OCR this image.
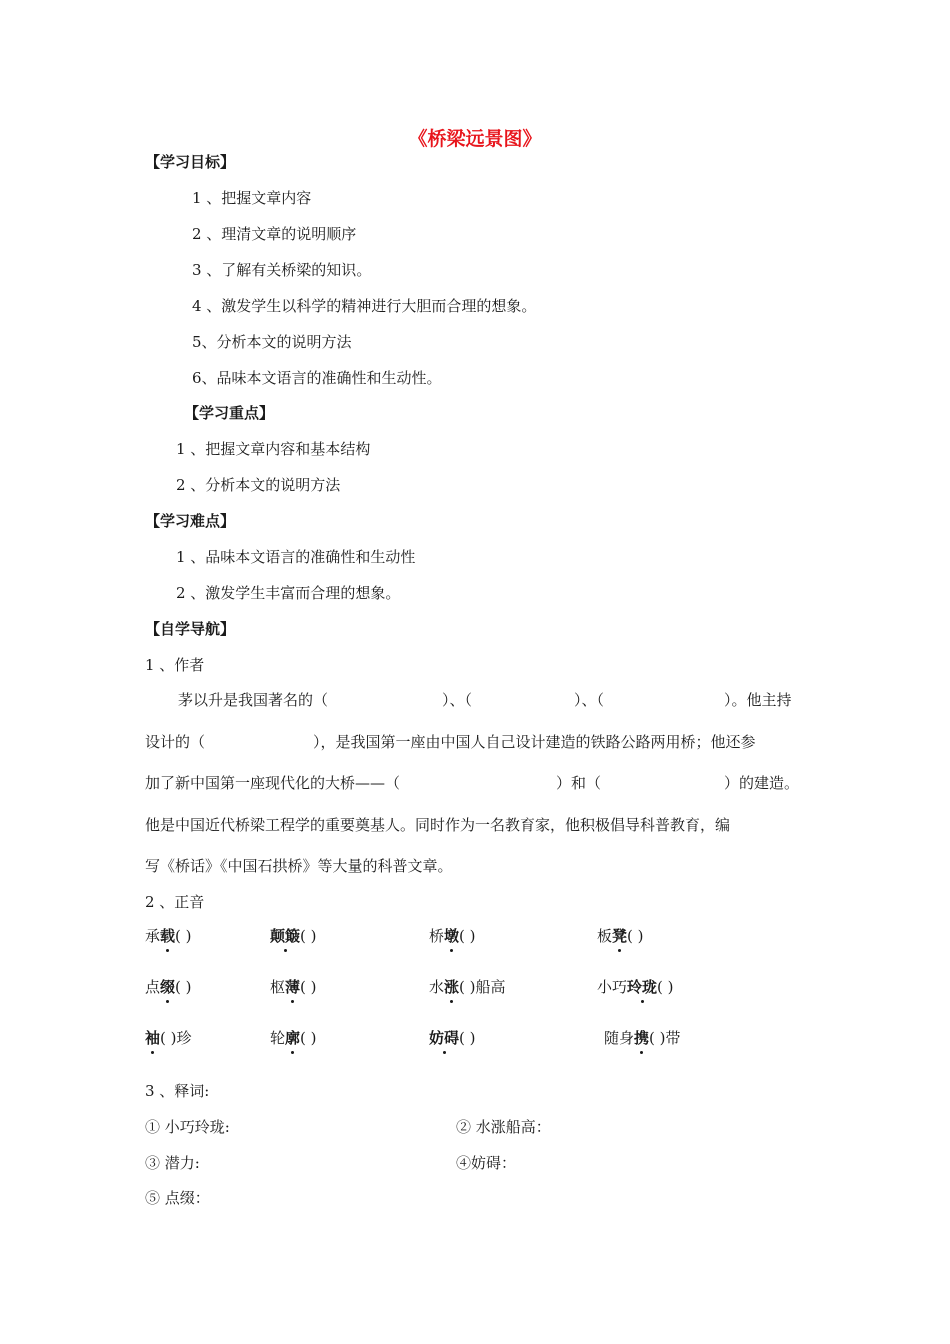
《桥梁远景图》
【学习目标】
1 、把握文章内容
2 、理清文章的说明顺序
3 、了解有关桥梁的知识。
4 、激发学生以科学的精神进行大胆而合理的想象。
5、分析本文的说明方法
6、品味本文语言的准确性和生动性。
【学习重点】
1 、把握文章内容和基本结构
2 、分析本文的说明方法
【学习难点】
1 、品味本文语言的准确性和生动性
2 、激发学生丰富而合理的想象。
【自学导航】
1 、作者
茅以升是我国著名的（	）、（	）、（	）。他主持
设计的（	），是我国第一座由中国人自己设计建造的铁路公路两用桥；他还参
加了新中国第一座现代化的大桥——（	）和（	）的建造。
他是中国近代桥梁工程学的重要奠基人。同时作为一名教育家，他积极倡导科普教育，编
写《桥话》《中国石拱桥》等大量的科普文章。
2 、正音
承载( )	颠簸( )	桥墩( )	板凳( )
点缀( )	枢薄( )	水涨( )船高	小巧玲珑( )
袖( )珍	轮廓( )	妨碍( )	随身携( )带
3 、释词:
① 小巧玲珑:	② 水涨船高：
③ 潜力:	④妨碍：
⑤ 点缀：
